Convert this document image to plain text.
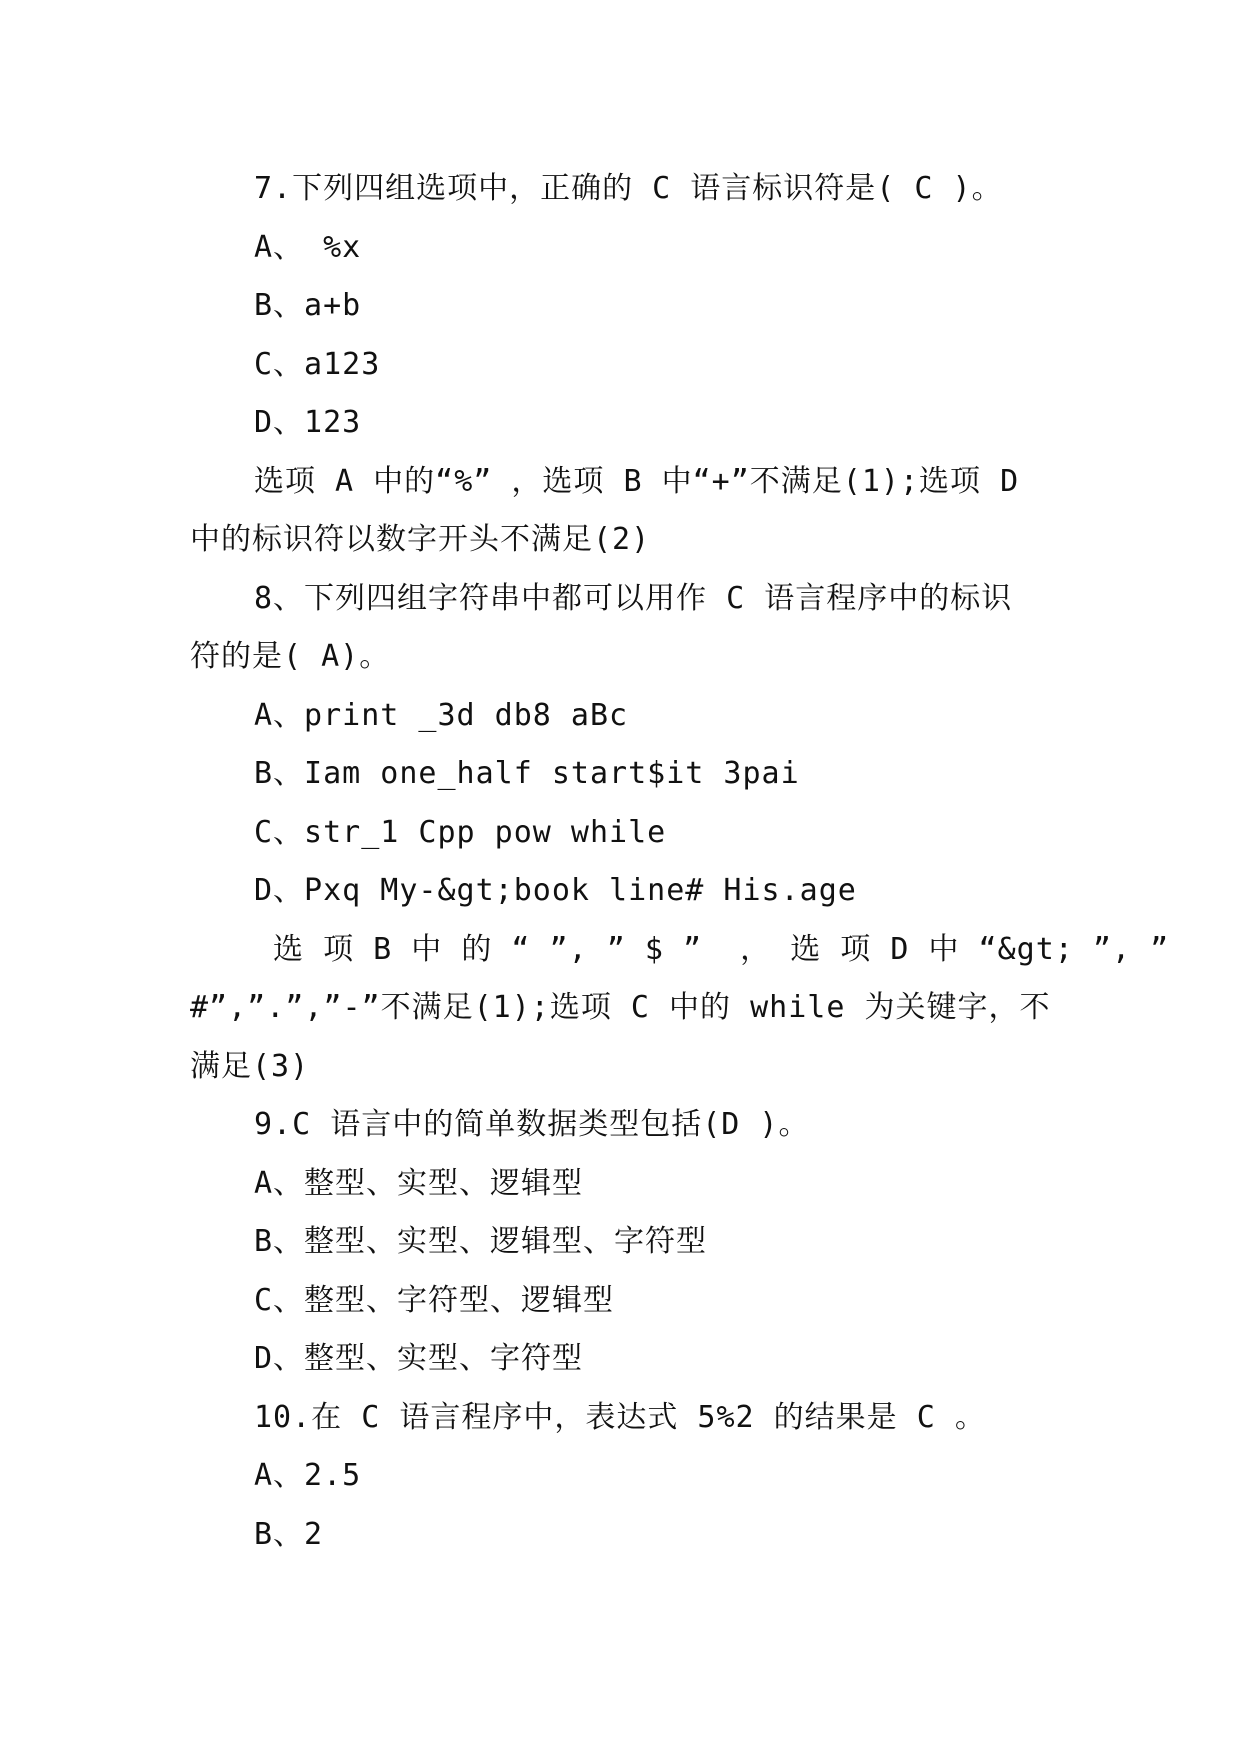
7.下列四组选项中，正确的 C 语言标识符是( C )。
A、 %x
B、a+b
C、a123
D、123
选项 A 中的“%” ，选项 B 中“+”不满足(1);选项 D
中的标识符以数字开头不满足(2)
8、下列四组字符串中都可以用作 C 语言程序中的标识
符的是( A)。
A、print _3d db8 aBc
B、Iam one_half start$it 3pai
C、str_1 Cpp pow while
D、Pxq My-&gt;book line# His.age
选 项 B 中 的 “ ”, ” $ ”  ， 选 项 D 中 “&gt; ”, ”
#”,”.”,”-”不满足(1);选项 C 中的 while 为关键字，不
满足(3)
9.C 语言中的简单数据类型包括(D )。
A、整型、实型、逻辑型
B、整型、实型、逻辑型、字符型
C、整型、字符型、逻辑型
D、整型、实型、字符型
10.在 C 语言程序中，表达式 5%2 的结果是 C 。
A、2.5
B、2
